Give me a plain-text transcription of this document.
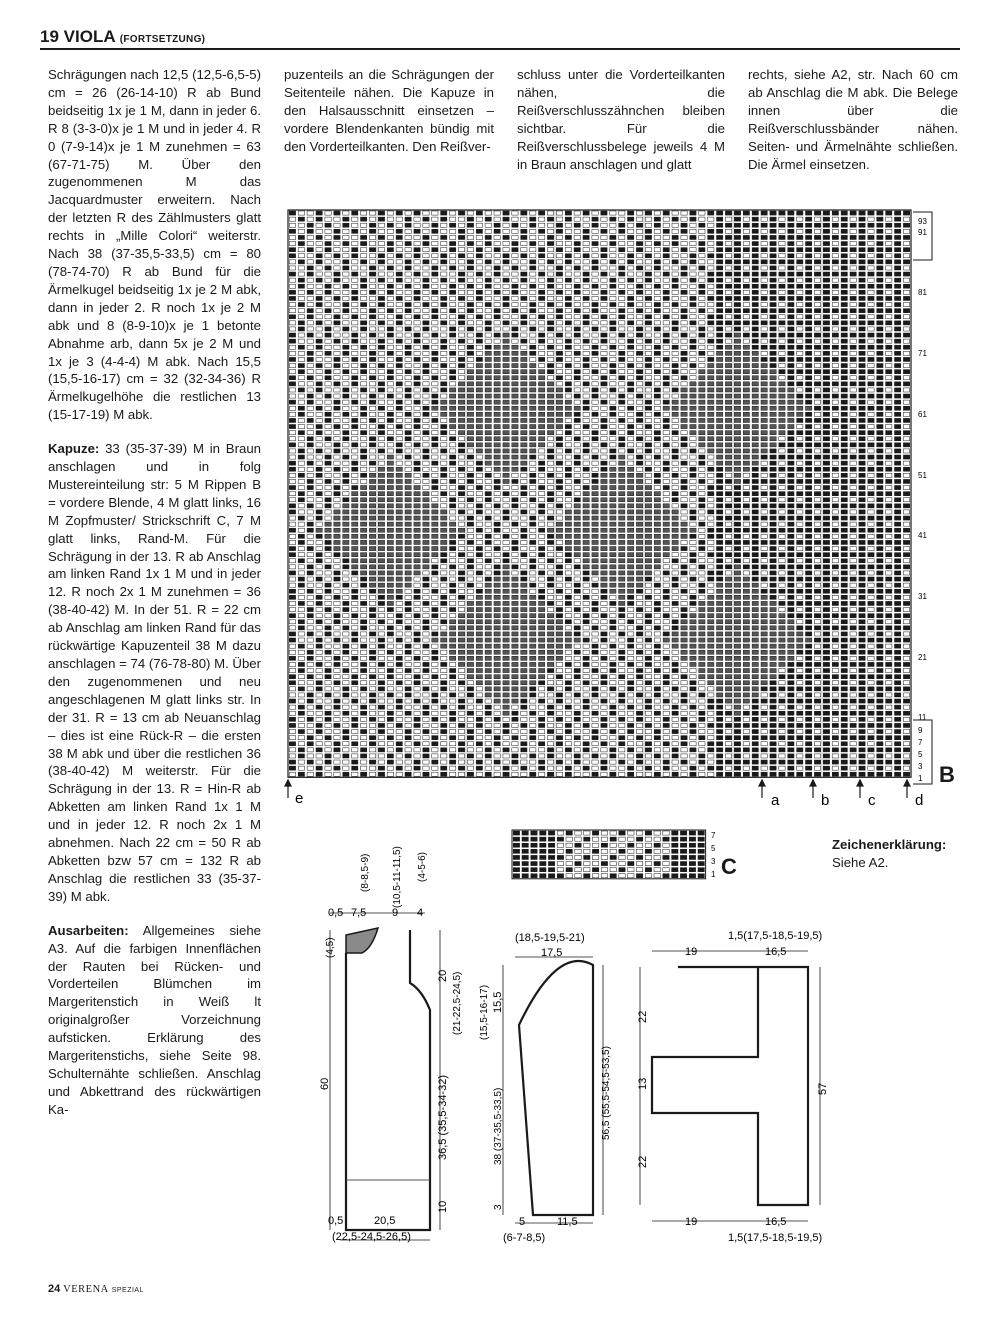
19 VIOLA (FORTSETZUNG)

Schrägungen nach 12,5 (12,5-6,5-5) cm = 26 (26-14-10) R ab Bund beidseitig 1x je 1 M, dann in jeder 6. R 8 (3-3-0)x je 1 M und in jeder 4. R 0 (7-9-14)x je 1 M zunehmen = 63 (67-71-75) M. Über den zugenommenen M das Jacquardmuster erweitern. Nach der letzten R des Zählmusters glatt rechts in „Mille Colori“ weiterstr. Nach 38 (37-35,5-33,5) cm = 80 (78-74-70) R ab Bund für die Ärmelkugel beidseitig 1x je 2 M abk, dann in jeder 2. R noch 1x je 2 M abk und 8 (8-9-10)x je 1 betonte Abnahme arb, dann 5x je 2 M und 1x je 3 (4-4-4) M abk. Nach 15,5 (15,5-16-17) cm = 32 (32-34-36) R Ärmelkugelhöhe die restlichen 13 (15-17-19) M abk.

Kapuze: 33 (35-37-39) M in Braun anschlagen und in folg Mustereinteilung str: 5 M Rippen B = vordere Blende, 4 M glatt links, 16 M Zopfmuster/ Strickschrift C, 7 M glatt links, Rand-M. Für die Schrägung in der 13. R ab Anschlag am linken Rand 1x 1 M und in jeder 12. R noch 2x 1 M zunehmen = 36 (38-40-42) M. In der 51. R = 22 cm ab Anschlag am linken Rand für das rückwärtige Kapuzenteil 38 M dazu anschlagen = 74 (76-78-80) M. Über den zugenommenen und neu angeschlagenen M glatt links str. In der 31. R = 13 cm ab Neuanschlag – dies ist eine Rück-R – die ersten 38 M abk und über die restlichen 36 (38-40-42) M weiterstr. Für die Schrägung in der 13. R = Hin-R ab Abketten am linken Rand 1x 1 M und in jeder 12. R noch 2x 1 M abnehmen. Nach 22 cm = 50 R ab Abketten bzw 57 cm = 132 R ab Anschlag die restlichen 33 (35-37-39) M abk.

Ausarbeiten: Allgemeines siehe A3. Auf die farbigen Innenflächen der Rauten bei Rücken- und Vorderteilen Blümchen im Margeritenstich in Weiß lt originalgroßer Vorzeichnung aufsticken. Erklärung des Margeritenstichs, siehe Seite 98. Schulternähte schließen. Anschlag und Abkettrand des rückwärtigen Ka-

puzenteils an die Schrägungen der Seitenteile nähen. Die Kapuze in den Halsausschnitt einsetzen – vordere Blendenkanten bündig mit den Vorderteilkanten. Den Reißver-

schluss unter die Vorderteilkanten nähen, die Reißverschlusszähnchen bleiben sichtbar. Für die Reißverschlussbelege jeweils 4 M in Braun anschlagen und glatt

rechts, siehe A2, str. Nach 60 cm ab Anschlag die M abk. Die Belege innen über die Reißverschlussbänder nähen. Seiten- und Ärmelnähte schließen. Die Ärmel einsetzen.

93
91
81
71
61
51
41
31
21
11
9
7
5
3
1
a	b	c	d
e
B
7
5
3
1 C
Zeichenerklärung:
Siehe A2.
(8-8,5-9) (10,5-11-11,5) (4-5-6)
0,5 7,5 9 4
(4,5)
20 (21-22,5-24,5)
60	36,5 (35,5-34-32)
10
0,5	20,5
(22,5-24,5-26,5)
(18,5-19,5-21)
17,5
(15,5-16-17) 15,5
38 (37-35,5-33,5)	56,5 (55,5-54,5-53,5)
3
5	11,5
(6-7-8,5)
1,5(17,5-18,5-19,5)
19	16,5
22
13
22
57
19	16,5
1,5(17,5-18,5-19,5)
24 VERENA SPEZIAL
